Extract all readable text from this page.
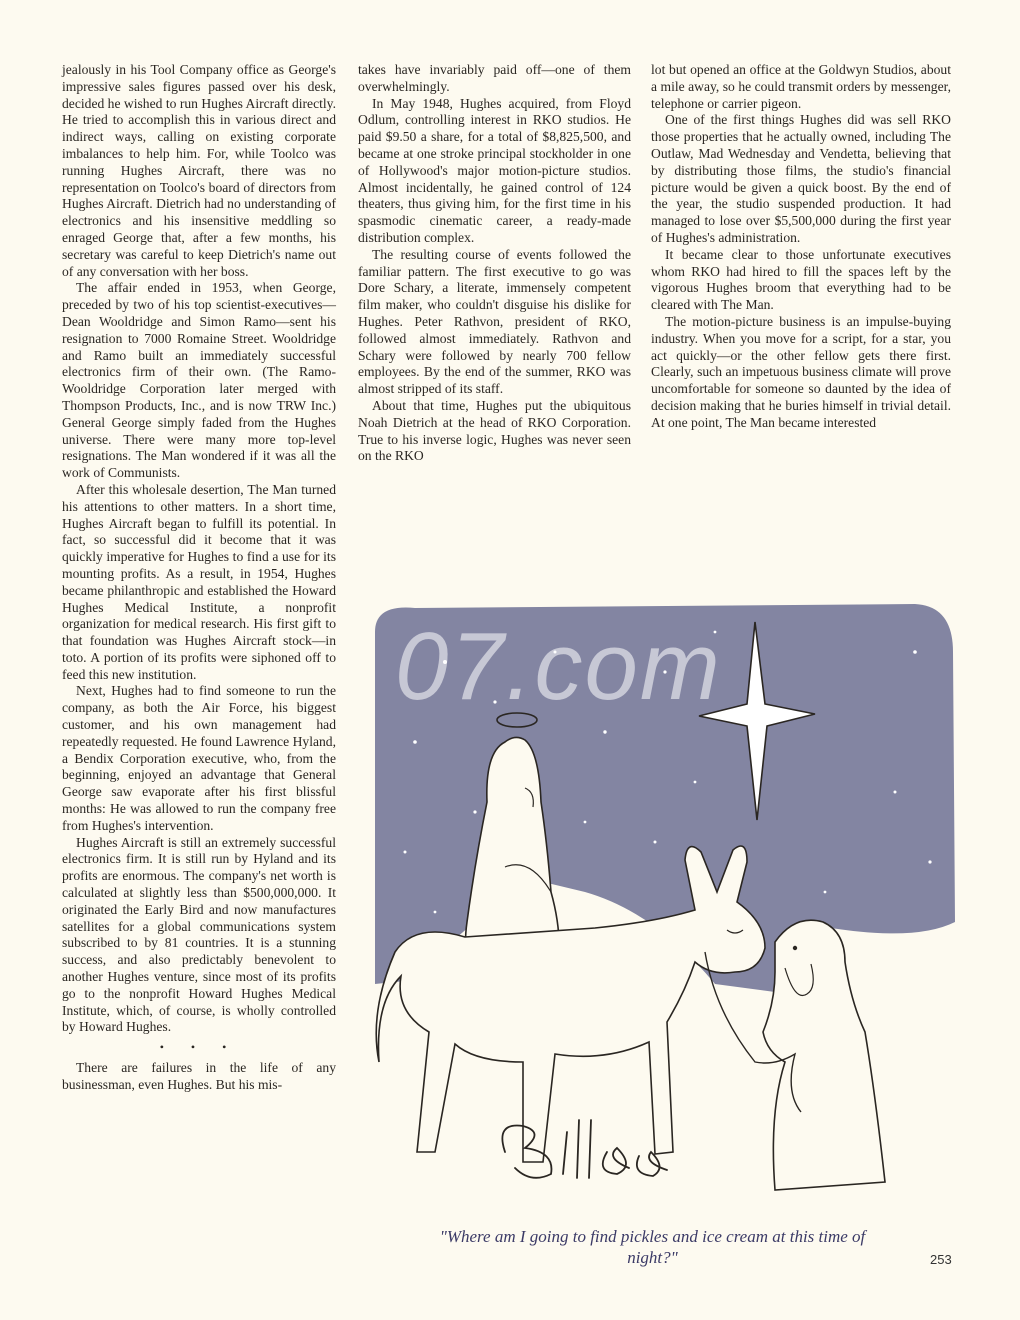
jealously in his Tool Company office as George's impressive sales figures passed over his desk, decided he wished to run Hughes Aircraft directly. He tried to accomplish this in various direct and indirect ways, calling on existing corporate imbalances to help him. For, while Toolco was running Hughes Aircraft, there was no representation on Toolco's board of directors from Hughes Aircraft. Dietrich had no understanding of electronics and his insensitive meddling so enraged George that, after a few months, his secretary was careful to keep Dietrich's name out of any conversation with her boss.

The affair ended in 1953, when George, preceded by two of his top scientist-executives—Dean Wooldridge and Simon Ramo—sent his resignation to 7000 Romaine Street. Wooldridge and Ramo built an immediately successful electronics firm of their own. (The Ramo-Wooldridge Corporation later merged with Thompson Products, Inc., and is now TRW Inc.) General George simply faded from the Hughes universe. There were many more top-level resignations. The Man wondered if it was all the work of Communists.

After this wholesale desertion, The Man turned his attentions to other matters. In a short time, Hughes Aircraft began to fulfill its potential. In fact, so successful did it become that it was quickly imperative for Hughes to find a use for its mounting profits. As a result, in 1954, Hughes became philanthropic and established the Howard Hughes Medical Institute, a nonprofit organization for medical research. His first gift to that foundation was Hughes Aircraft stock—in toto. A portion of its profits were siphoned off to feed this new institution.

Next, Hughes had to find someone to run the company, as both the Air Force, his biggest customer, and his own management had repeatedly requested. He found Lawrence Hyland, a Bendix Corporation executive, who, from the beginning, enjoyed an advantage that General George saw evaporate after his first blissful months: He was allowed to run the company free from Hughes's intervention.

Hughes Aircraft is still an extremely successful electronics firm. It is still run by Hyland and its profits are enormous. The company's net worth is calculated at slightly less than $500,000,000. It originated the Early Bird and now manufactures satellites for a global communications system subscribed to by 81 countries. It is a stunning success, and also predictably benevolent to another Hughes venture, since most of its profits go to the nonprofit Howard Hughes Medical Institute, which, of course, is wholly controlled by Howard Hughes.

• • •

There are failures in the life of any businessman, even Hughes. But his mis-

takes have invariably paid off—one of them overwhelmingly.

In May 1948, Hughes acquired, from Floyd Odlum, controlling interest in RKO studios. He paid $9.50 a share, for a total of $8,825,500, and became at one stroke principal stockholder in one of Hollywood's major motion-picture studios. Almost incidentally, he gained control of 124 theaters, thus giving him, for the first time in his spasmodic cinematic career, a ready-made distribution complex.

The resulting course of events followed the familiar pattern. The first executive to go was Dore Schary, a literate, immensely competent film maker, who couldn't disguise his dislike for Hughes. Peter Rathvon, president of RKO, followed almost immediately. Rathvon and Schary were followed by nearly 700 fellow employees. By the end of the summer, RKO was almost stripped of its staff.

About that time, Hughes put the ubiquitous Noah Dietrich at the head of RKO Corporation. True to his inverse logic, Hughes was never seen on the RKO

lot but opened an office at the Goldwyn Studios, about a mile away, so he could transmit orders by messenger, telephone or carrier pigeon.

One of the first things Hughes did was sell RKO those properties that he actually owned, including The Outlaw, Mad Wednesday and Vendetta, believing that by distributing those films, the studio's financial picture would be given a quick boost. By the end of the year, the studio suspended production. It had managed to lose over $5,500,000 during the first year of Hughes's administration.

It became clear to those unfortunate executives whom RKO had hired to fill the spaces left by the vigorous Hughes broom that everything had to be cleared with The Man.

The motion-picture business is an impulse-buying industry. When you move for a script, for a star, you act quickly—or the other fellow gets there first. Clearly, such an impetuous business climate will prove uncomfortable for someone so daunted by the idea of decision making that he buries himself in trivial detail. At one point, The Man became interested

07.com
"Where am I going to find pickles and ice cream at this time of night?"	253
